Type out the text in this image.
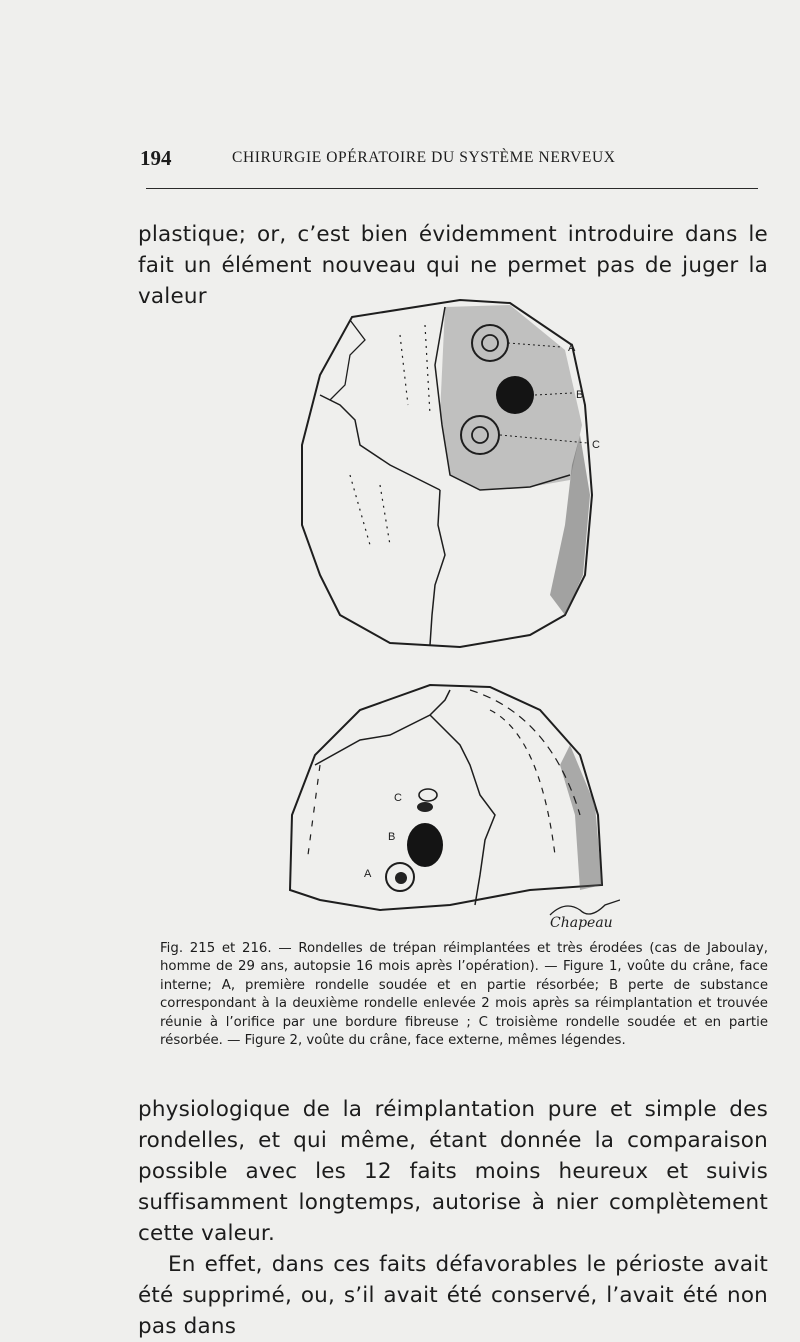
194	CHIRURGIE OPÉRATOIRE DU SYSTÈME NERVEUX

plastique; or, c’est bien évidemment introduire dans le fait un élément nouveau qui ne permet pas de juger la valeur

A
B
C
C
B
A
Chapeau

Fig. 215 et 216. — Rondelles de trépan réimplantées et très érodées (cas de Jaboulay, homme de 29 ans, autopsie 16 mois après l’opération). — Figure 1, voûte du crâne, face interne; A, première rondelle soudée et en partie résorbée; B perte de substance correspondant à la deuxième rondelle enlevée 2 mois après sa réimplantation et trouvée réunie à l’orifice par une bordure fibreuse ; C troisième rondelle soudée et en partie résorbée. — Figure 2, voûte du crâne, face externe, mêmes légendes.

physiologique de la réimplantation pure et simple des rondelles, et qui même, étant donnée la comparaison possible avec les 12 faits moins heureux et suivis suffisamment longtemps, autorise à nier complètement cette valeur.

En effet, dans ces faits défavorables le périoste avait été supprimé, ou, s’il avait été conservé, l’avait été non pas dans
